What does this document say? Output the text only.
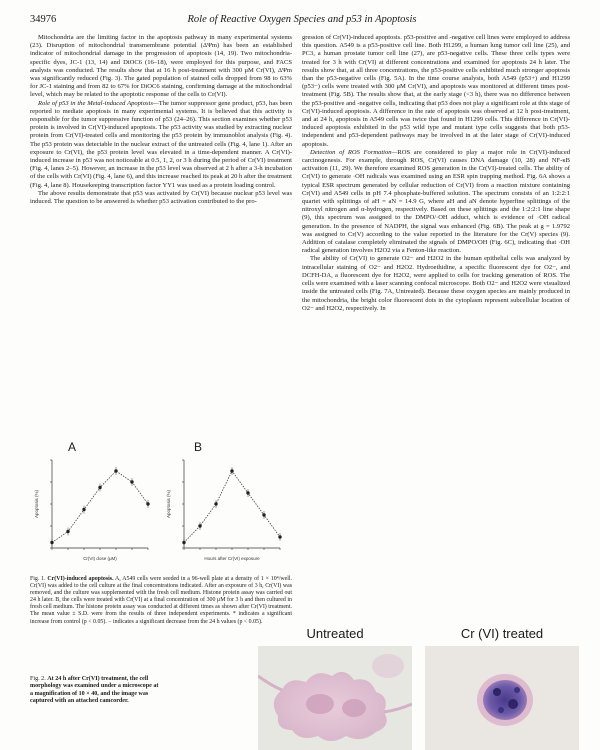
34976	Role of Reactive Oxygen Species and p53 in Apoptosis

Mitochondria are the limiting factor in the apoptosis pathway in many experimental systems (23). Disruption of mitochondrial transmembrane potential (ΔΨm) has been an established indicator of mitochondrial damage in the progression of apoptosis (14, 19). Two mitochondria-specific dyes, JC-1 (13, 14) and DiOC6 (16–18), were employed for this purpose, and FACS analysis was conducted. The results show that at 16 h post-treatment with 300 μM Cr(VI), ΔΨm was significantly reduced (Fig. 3). The gated population of stained cells dropped from 98 to 63% for JC-1 staining and from 82 to 67% for DiOC6 staining, confirming damage at the mitochondrial level, which may be related to the apoptotic response of the cells to Cr(VI).

Role of p53 in the Metal-induced Apoptosis—The tumor suppressor gene product, p53, has been reported to mediate apoptosis in many experimental systems. It is believed that this activity is responsible for the tumor suppressive function of p53 (24–26). This section examines whether p53 protein is involved in Cr(VI)-induced apoptosis. The p53 activity was studied by extracting nuclear protein from Cr(VI)-treated cells and monitoring the p53 protein by immunoblot analysis (Fig. 4). The p53 protein was detectable in the nuclear extract of the untreated cells (Fig. 4, lane 1). After an exposure to Cr(VI), the p53 protein level was elevated in a time-dependent manner. A Cr(VI)-induced increase in p53 was not noticeable at 0.5, 1, 2, or 3 h during the period of Cr(VI) treatment (Fig. 4, lanes 2–5). However, an increase in the p53 level was observed at 2 h after a 3-h incubation of the cells with Cr(VI) (Fig. 4, lane 6), and this increase reached its peak at 20 h after the treatment (Fig. 4, lane 8). Housekeeping transcription factor YY1 was used as a protein loading control.

The above results demonstrate that p53 was activated by Cr(VI) because nuclear p53 level was induced. The question to be answered is whether p53 activation contributed to the pro-

gression of Cr(VI)-induced apoptosis. p53-positive and -negative cell lines were employed to address this question. A549 is a p53-positive cell line. Both H1299, a human lung tumor cell line (25), and PC3, a human prostate tumor cell line (27), are p53-negative cells. These three cells types were treated for 3 h with Cr(VI) at different concentrations and examined for apoptosis 24 h later. The results show that, at all three concentrations, the p53-positive cells exhibited much stronger apoptosis than the p53-negative cells (Fig. 5A). In the time course analysis, both A549 (p53+) and H1299 (p53−) cells were treated with 300 μM Cr(VI), and apoptosis was monitored at different times post-treatment (Fig. 5B). The results show that, at the early stage (<3 h), there was no difference between the p53-positive and -negative cells, indicating that p53 does not play a significant role at this stage of Cr(VI)-induced apoptosis. A difference in the rate of apoptosis was observed at 12 h post-treatment, and at 24 h, apoptosis in A549 cells was twice that found in H1299 cells. This difference in Cr(VI)-induced apoptosis exhibited in the p53 wild type and mutant type cells suggests that both p53-independent and p53-dependent pathways may be involved in at the later stage of Cr(VI)-induced apoptosis.

Detection of ROS Formation—ROS are considered to play a major role in Cr(VI)-induced carcinogenesis. For example, through ROS, Cr(VI) causes DNA damage (10, 28) and NF-κB activation (11, 29). We therefore examined ROS generation in the Cr(VI)-treated cells. The ability of Cr(VI) to generate ·OH radicals was examined using an ESR spin trapping method. Fig. 6A shows a typical ESR spectrum generated by cellular reduction of Cr(VI) from a reaction mixture containing Cr(VI) and A549 cells in pH 7.4 phosphate-buffered solution. The spectrum consists of an 1:2:2:1 quartet with splittings of aH = aN = 14.9 G, where aH and aN denote hyperfine splittings of the nitroxyl nitrogen and α-hydrogen, respectively. Based on these splittings and the 1:2:2:1 line shape (9), this spectrum was assigned to the DMPO/·OH adduct, which is evidence of ·OH radical generation. In the presence of NADPH, the signal was enhanced (Fig. 6B). The peak at g = 1.9792 was assigned to Cr(V) according to the value reported in the literature for the Cr(V) species (9). Addition of catalase completely eliminated the signals of DMPO/OH (Fig. 6C), indicating that ·OH radical generation involves H2O2 via a Fenton-like reaction.

The ability of Cr(VI) to generate O2− and H2O2 in the human epithelial cells was analyzed by intracellular staining of O2− and H2O2. Hydroethidine, a specific fluorescent dye for O2−, and DCFH-DA, a fluorescent dye for H2O2, were applied to cells for tracking generation of ROS. The cells were examined with a laser scanning confocal microscope. Both O2− and H2O2 were visualized inside the untreated cells (Fig. 7A, Untreated). Because these oxygen species are mainly produced in the mitochondria, the bright color fluorescent dots in the cytoplasm represent subcellular location of O2− and H2O2, respectively. In

A
Apoptosis (%)
Cr(VI) dose (μM)
B
Apoptosis (%)
Hours after Cr(VI) exposure
Fig. 1. Cr(VI)-induced apoptosis. A, A549 cells were seeded in a 96-well plate at a density of 1 × 10⁴/well. Cr(VI) was added to the cell culture at the final concentrations indicated. After an exposure of 3 h, Cr(VI) was removed, and the culture was supplemented with the fresh cell medium. Histone protein assay was carried out 24 h later. B, the cells were treated with Cr(VI) at a final concentration of 300 μM for 3 h and then cultured in fresh cell medium. The histone protein assay was conducted at different times as shown after Cr(VI) treatment. The mean value ± S.D. were from the results of three independent experiments. * indicates a significant increase from control (p < 0.05). − indicates a significant decrease from the 24 h values (p < 0.05).
Fig. 2. At 24 h after Cr(VI) treatment, the cell morphology was examined under a microscope at a magnification of 10 × 40, and the image was captured with an attached camcorder.
Untreated	Cr (VI) treated
